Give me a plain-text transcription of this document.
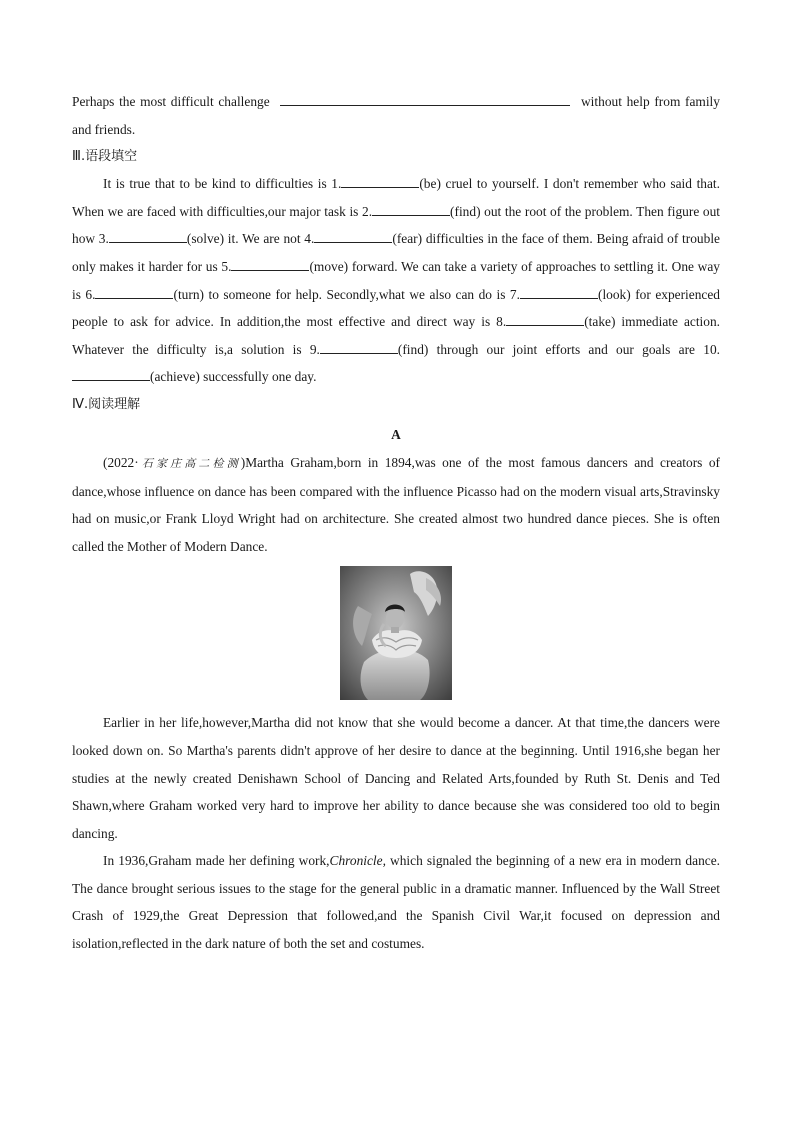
Perhaps the most difficult challenge	without help from family and friends.

Ⅲ.语段填空

It is true that to be kind to difficulties is 1.	(be) cruel to yourself. I don't remember who said that. When we are faced with difficulties,our major task is 2.	(find) out the root of the problem. Then figure out how 3.	(solve) it. We are not 4.	(fear) difficulties in the face of them. Being afraid of trouble only makes it harder for us 5.	(move) forward. We can take a variety of approaches to settling it. One way is 6.	(turn) to someone for help. Secondly,what we also can do is 7.	(look) for experienced people to ask for advice. In addition,the most effective and direct way is 8.	(take) immediate action. Whatever the difficulty is,a solution is 9.	(find) through our joint efforts and our goals are 10.(achieve) successfully one day.

Ⅳ.阅读理解

A

(2022·石家庄高二检测)Martha Graham,born in 1894,was one of the most famous dancers and creators of dance,whose influence on dance has been compared with the influence Picasso had on the modern visual arts,Stravinsky had on music,or Frank Lloyd Wright had on architecture. She created almost two hundred dance pieces. She is often called the Mother of Modern Dance.

Earlier in her life,however,Martha did not know that she would become a dancer. At that time,the dancers were looked down on. So Martha's parents didn't approve of her desire to dance at the beginning. Until 1916,she began her studies at the newly created Denishawn School of Dancing and Related Arts,founded by Ruth St. Denis and Ted Shawn,where Graham worked very hard to improve her ability to dance because she was considered too old to begin dancing.

In 1936,Graham made her defining work,Chronicle, which signaled the beginning of a new era in modern dance. The dance brought serious issues to the stage for the general public in a dramatic manner. Influenced by the Wall Street Crash of 1929,the Great Depression that followed,and the Spanish Civil War,it focused on depression and isolation,reflected in the dark nature of both the set and costumes.
